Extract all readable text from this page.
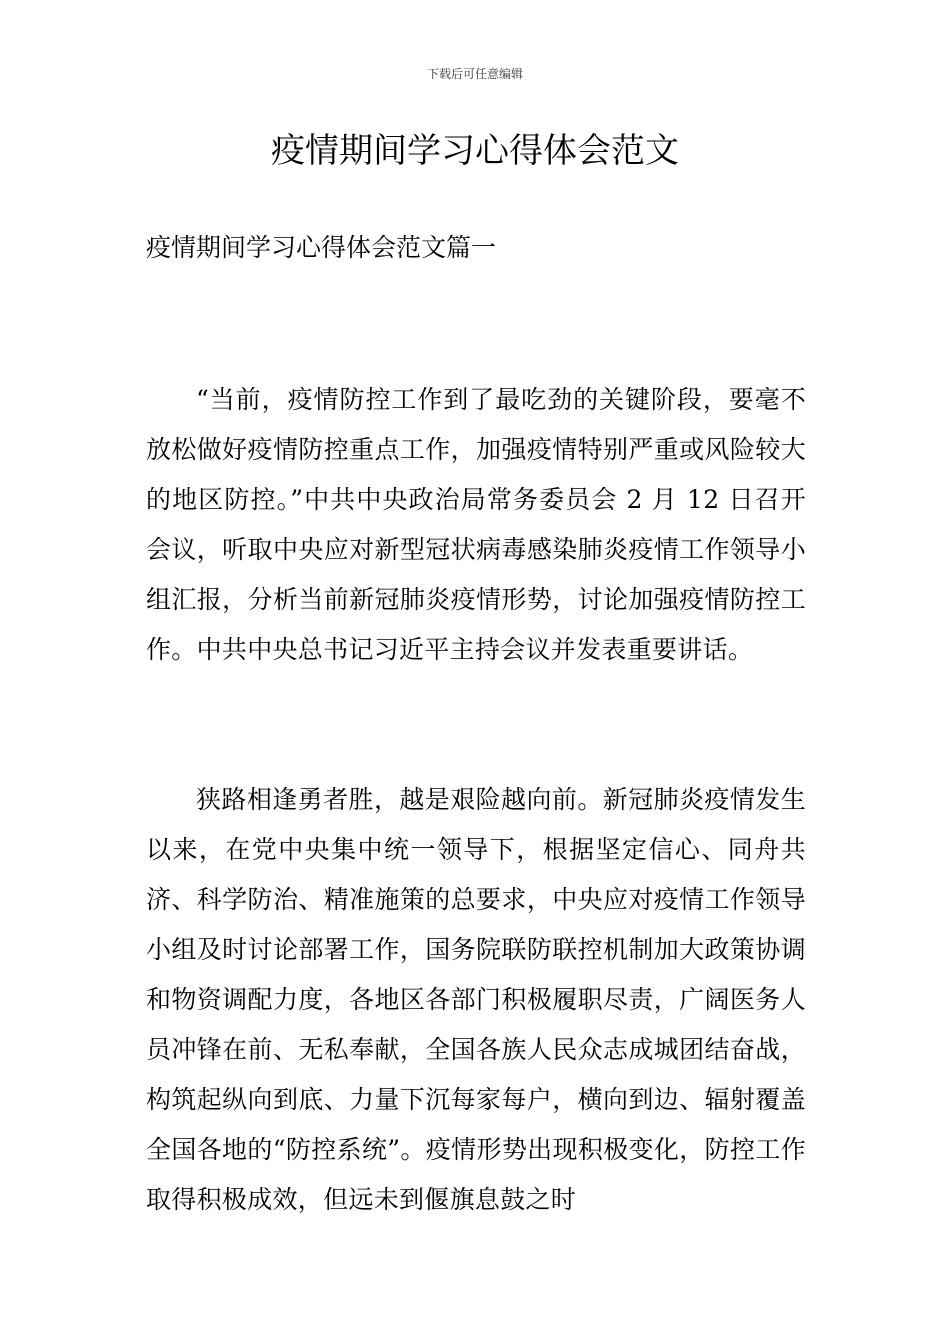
下载后可任意编辑
疫情期间学习心得体会范文
疫情期间学习心得体会范文篇一

“当前，疫情防控工作到了最吃劲的关键阶段，要毫不放松做好疫情防控重点工作，加强疫情特别严重或风险较大的地区防控。”中共中央政治局常务委员会 2 月 12 日召开会议，听取中央应对新型冠状病毒感染肺炎疫情工作领导小组汇报，分析当前新冠肺炎疫情形势，讨论加强疫情防控工作。中共中央总书记习近平主持会议并发表重要讲话。

狭路相逢勇者胜，越是艰险越向前。新冠肺炎疫情发生以来，在党中央集中统一领导下，根据坚定信心、同舟共济、科学防治、精准施策的总要求，中央应对疫情工作领导小组及时讨论部署工作，国务院联防联控机制加大政策协调和物资调配力度，各地区各部门积极履职尽责，广阔医务人员冲锋在前、无私奉献，全国各族人民众志成城团结奋战，构筑起纵向到底、力量下沉每家每户，横向到边、辐射覆盖全国各地的“防控系统”。疫情形势出现积极变化，防控工作取得积极成效，但远未到偃旗息鼓之时
